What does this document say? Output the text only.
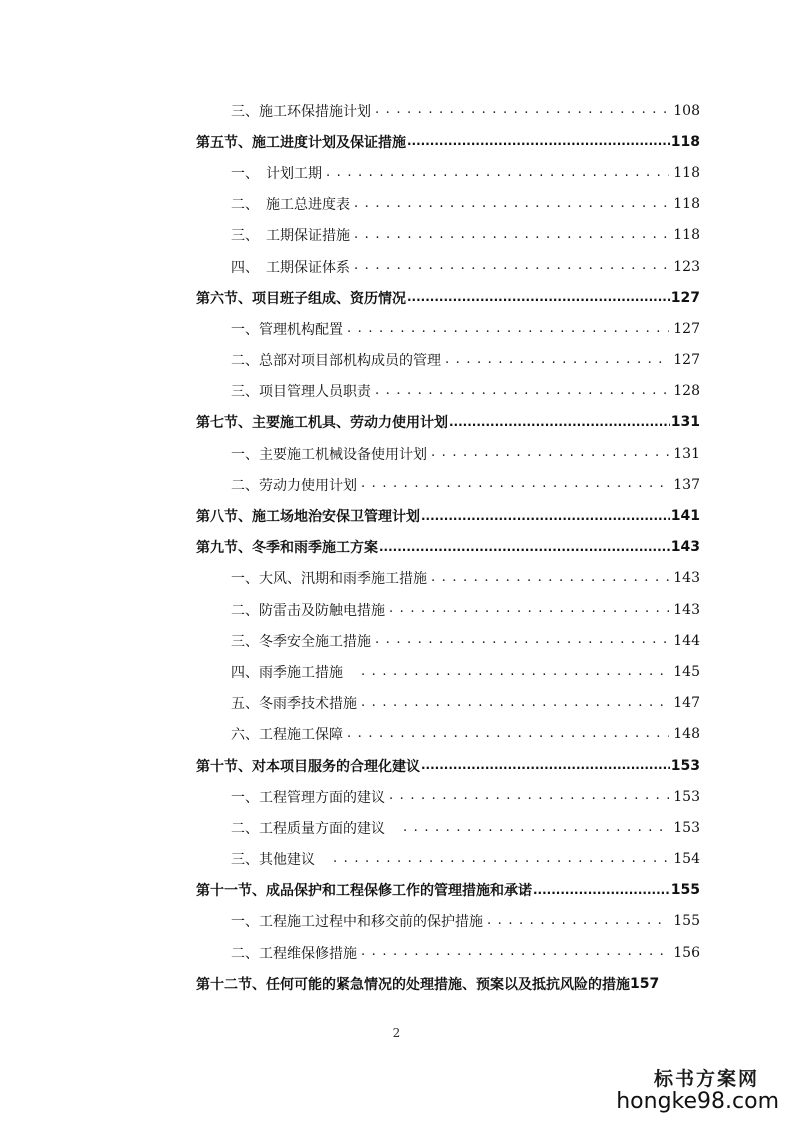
三、施工环保措施计划 . . .	108
第五节、施工进度计划及保证措施 .....	118
一、　计划工期 . . .	118
二、　施工总进度表 . . .	118
三、　工期保证措施 . . .	118
四、　工期保证体系 . . .	123
第六节、项目班子组成、资历情况 .....	127
一、管理机构配置 . . .	127
二、总部对项目部机构成员的管理 . . .	127
三、项目管理人员职责 . . .	128
第七节、主要施工机具、劳动力使用计划 .....	131
一、主要施工机械设备使用计划 . . .	131
二、劳动力使用计划 . . .	137
第八节、施工场地治安保卫管理计划 .....	141
第九节、冬季和雨季施工方案 .....	143
一、大风、汛期和雨季施工措施 . . .	143
二、防雷击及防触电措施 . . .	143
三、冬季安全施工措施 . . .	144
四、雨季施工措施　 . . .	145
五、冬雨季技术措施 . . .	147
六、工程施工保障 . . .	148
第十节、对本项目服务的合理化建议 .....	153
一、工程管理方面的建议 . . .	153
二、工程质量方面的建议　 . . .	153
三、其他建议　 . . .	154
第十一节、成品保护和工程保修工作的管理措施和承诺 .....	155
一、工程施工过程中和移交前的保护措施 . . .	155
二、工程维保修措施 . . .	156
第十二节、任何可能的紧急情况的处理措施、预案以及抵抗风险的措施 157
2
标书方案网
hongke98.com
